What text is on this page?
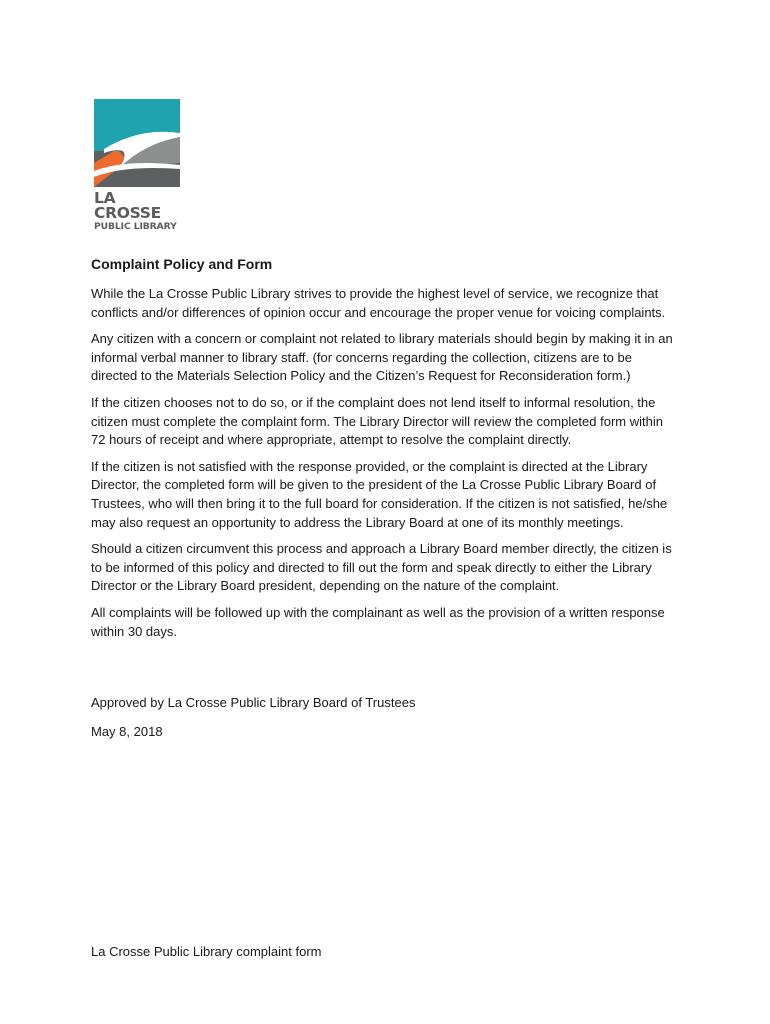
LA CROSSE
PUBLIC LIBRARY
Complaint Policy and Form

While the La Crosse Public Library strives to provide the highest level of service, we recognize that conflicts and/or differences of opinion occur and encourage the proper venue for voicing complaints.

Any citizen with a concern or complaint not related to library materials should begin by making it in an informal verbal manner to library staff. (for concerns regarding the collection, citizens are to be directed to the Materials Selection Policy and the Citizen’s Request for Reconsideration form.)

If the citizen chooses not to do so, or if the complaint does not lend itself to informal resolution, the citizen must complete the complaint form. The Library Director will review the completed form within 72 hours of receipt and where appropriate, attempt to resolve the complaint directly.

If the citizen is not satisfied with the response provided, or the complaint is directed at the Library Director, the completed form will be given to the president of the La Crosse Public Library Board of Trustees, who will then bring it to the full board for consideration. If the citizen is not satisfied, he/she may also request an opportunity to address the Library Board at one of its monthly meetings.

Should a citizen circumvent this process and approach a Library Board member directly, the citizen is to be informed of this policy and directed to fill out the form and speak directly to either the Library Director or the Library Board president, depending on the nature of the complaint.

All complaints will be followed up with the complainant as well as the provision of a written response within 30 days.

Approved by La Crosse Public Library Board of Trustees
May 8, 2018
La Crosse Public Library complaint form
